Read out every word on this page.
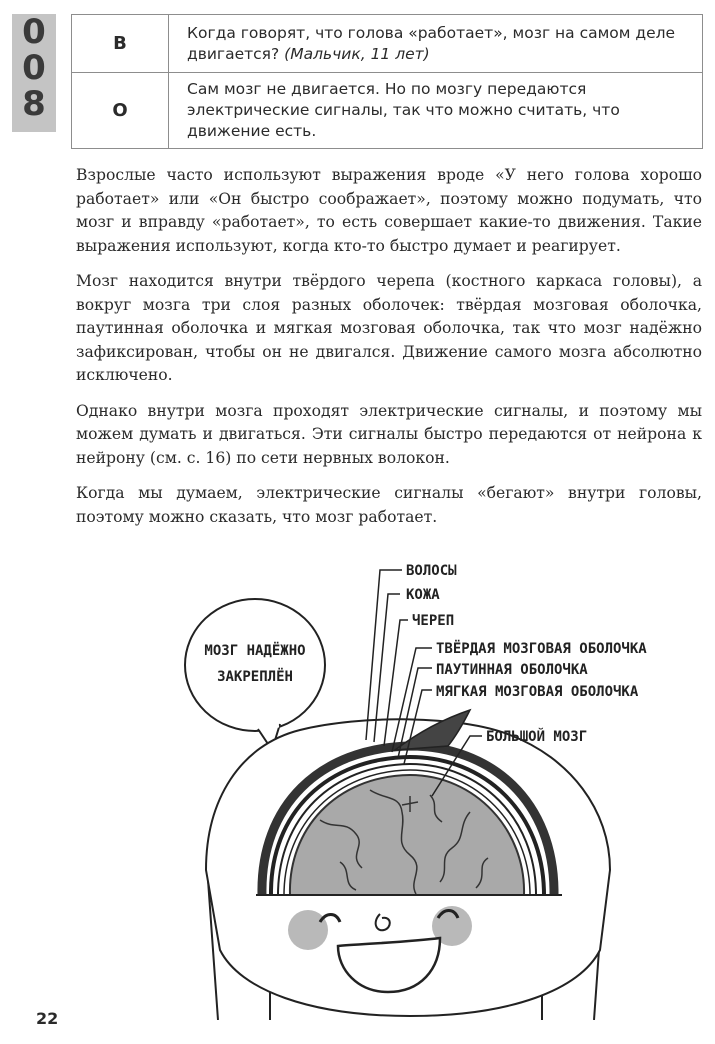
0
0
8
В	Когда говорят, что голова «работает», мозг на самом деле двигается? (Мальчик, 11 лет)
О	Сам мозг не двигается. Но по мозгу передаются электрические сигналы, так что можно считать, что движение есть.

Взрослые часто используют выражения вроде «У него голова хорошо работает» или «Он быстро соображает», поэтому можно подумать, что мозг и вправду «работает», то есть совершает какие-то движения. Такие выражения используют, когда кто-то быстро думает и реагирует.

Мозг находится внутри твёрдого черепа (костного каркаса головы), а вокруг мозга три слоя разных оболочек: твёрдая мозговая оболочка, паутинная оболочка и мягкая мозговая оболочка, так что мозг надёжно зафиксирован, чтобы он не двигался. Движение самого мозга абсолютно исключено.

Однако внутри мозга проходят электрические сигналы, и поэтому мы можем думать и двигаться. Эти сигналы быстро передаются от нейрона к нейрону (см. с. 16) по сети нервных волокон.

Когда мы думаем, электрические сигналы «бегают» внутри головы, поэтому можно сказать, что мозг работает.

МОЗГ НАДЁЖНО
ЗАКРЕПЛЁН
ВОЛОСЫ
КОЖА
ЧЕРЕП
ТВЁРДАЯ МОЗГОВАЯ ОБОЛОЧКА
ПАУТИННАЯ ОБОЛОЧКА
МЯГКАЯ МОЗГОВАЯ ОБОЛОЧКА
БОЛЬШОЙ МОЗГ
22
